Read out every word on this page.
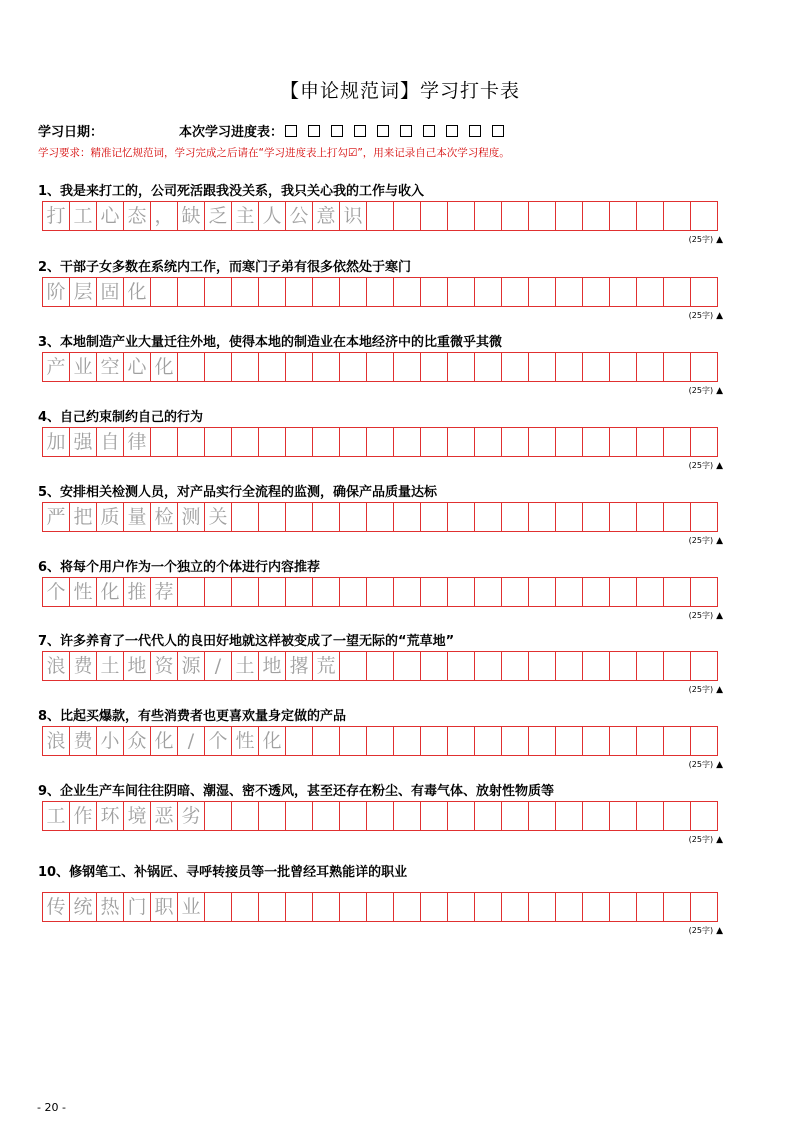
【申论规范词】学习打卡表
学习日期：	本次学习进度表：
学习要求：精准记忆规范词，学习完成之后请在“学习进度表上打勾☑”，用来记录自己本次学习程度。
1、我是来打工的，公司死活跟我没关系，我只关心我的工作与收入
打 工 心 态 ， 缺 乏 主 人 公 意 识
(25字) ▲
2、干部子女多数在系统内工作，而寒门子弟有很多依然处于寒门
阶 层 固 化
(25字) ▲
3、本地制造产业大量迁往外地，使得本地的制造业在本地经济中的比重微乎其微
产 业 空 心 化
(25字) ▲
4、自己约束制约自己的行为
加 强 自 律
(25字) ▲
5、安排相关检测人员，对产品实行全流程的监测，确保产品质量达标
严 把 质 量 检 测 关
(25字) ▲
6、将每个用户作为一个独立的个体进行内容推荐
个 性 化 推 荐
(25字) ▲
7、许多养育了一代代人的良田好地就这样被变成了一望无际的“荒草地”
浪 费 土 地 资 源 / 土 地 撂 荒
(25字) ▲
8、比起买爆款，有些消费者也更喜欢量身定做的产品
浪 费 小 众 化 / 个 性 化
(25字) ▲
9、企业生产车间往往阴暗、潮湿、密不透风，甚至还存在粉尘、有毒气体、放射性物质等
工 作 环 境 恶 劣
(25字) ▲
10、修钢笔工、补锅匠、寻呼转接员等一批曾经耳熟能详的职业
传 统 热 门 职 业
(25字) ▲
- 20 -
